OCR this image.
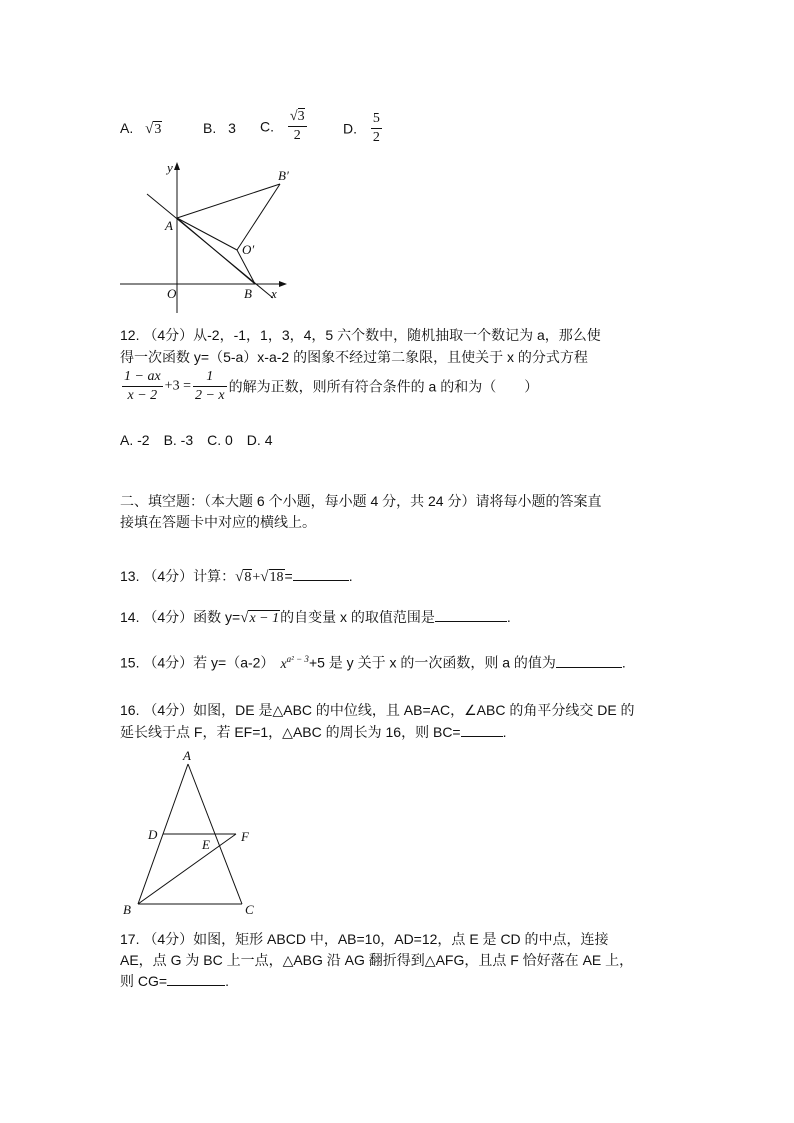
A. √3	B. 3 C. $\frac{√3}{2}$	D. $\frac{5}{2}$
y
x
A
O	B
B′
O′
12. （4分）从-2，-1，1，3，4，5 六个数中，随机抽取一个数记为 a，那么使
得一次函数 y=（5-a）x-a-2 的图象不经过第二象限，且使关于 x 的分式方程
$\frac{1 - ax}{x - 2} +3 = \frac{1}{2 - x}$ 的解为正数，则所有符合条件的 a 的和为（　　）
A. -2　B. -3　C. 0　D. 4
二、填空题：（本大题 6 个小题，每小题 4 分，共 24 分）请将每小题的答案直
接填在答题卡中对应的横线上。
13. （4分）计算：√8+√18=	.
14. （4分）函数 y=√x − 1的自变量 x 的取值范围是	.
15. （4分）若 y=（a-2） $x^{a^2 - 3}+5$ 是 y 关于 x 的一次函数，则 a 的值为	.
16. （4分）如图，DE 是△ABC 的中位线，且 AB=AC，∠ABC 的角平分线交 DE 的
延长线于点 F，若 EF=1，△ABC 的周长为 16，则 BC=	.
A
B	C
D
E
F
17. （4分）如图，矩形 ABCD 中，AB=10，AD=12，点 E 是 CD 的中点，连接
AE，点 G 为 BC 上一点，△ABG 沿 AG 翻折得到△AFG，且点 F 恰好落在 AE 上，
则 CG=	.
